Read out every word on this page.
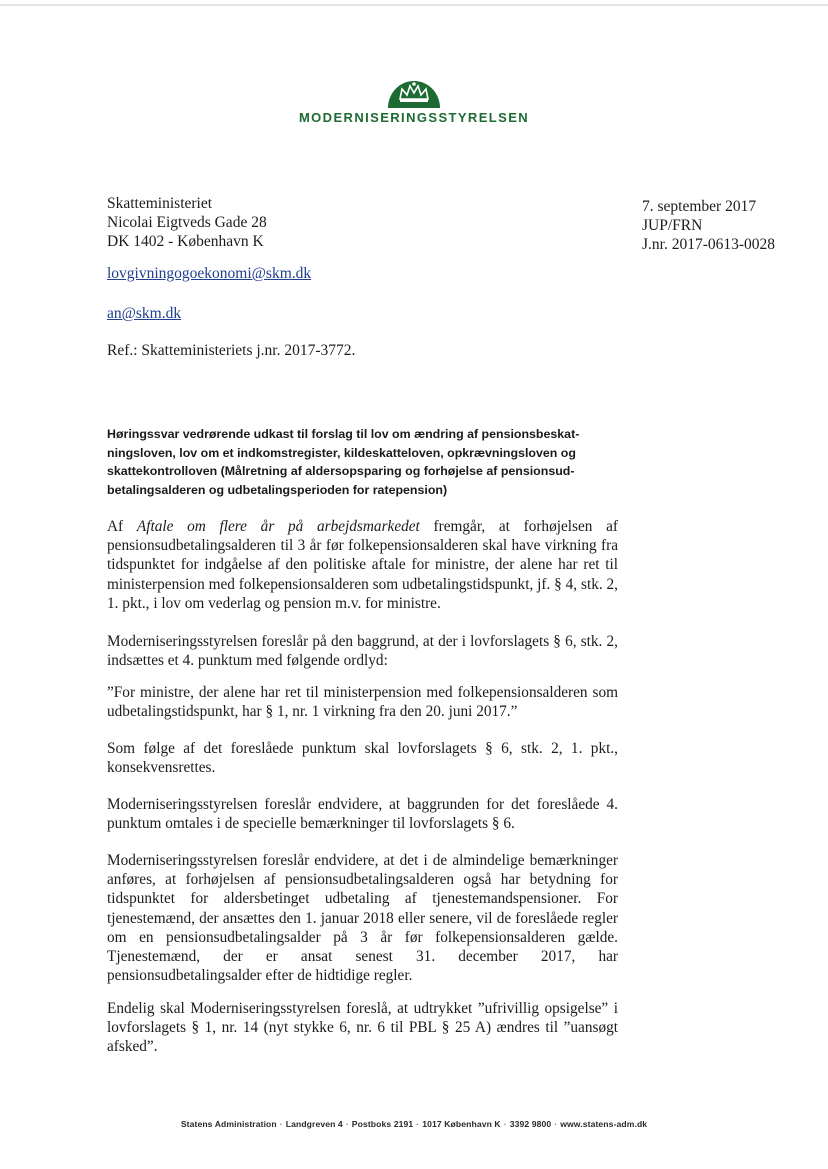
MODERNISERINGSSTYRELSEN
Skatteministeriet
Nicolai Eigtveds Gade 28
DK 1402 - København K
7. september 2017
JUP/FRN
J.nr. 2017-0613-0028
lovgivningogoekonomi@skm.dk
an@skm.dk
Ref.: Skatteministeriets j.nr. 2017-3772.
Høringssvar vedrørende udkast til forslag til lov om ændring af pensionsbeskat-
ningsloven, lov om et indkomstregister, kildeskatteloven, opkrævningsloven og
skattekontrolloven (Målretning af aldersopsparing og forhøjelse af pensionsud-
betalingsalderen og udbetalingsperioden for ratepension)
Af Aftale om flere år på arbejdsmarkedet fremgår, at forhøjelsen af pensionsudbetalingsalderen til 3 år før folkepensionsalderen skal have virkning fra tidspunktet for indgåelse af den politiske aftale for ministre, der alene har ret til ministerpension med folkepensionsalderen som udbetalingstidspunkt, jf. § 4, stk. 2, 1. pkt., i lov om vederlag og pension m.v. for ministre.
Moderniseringsstyrelsen foreslår på den baggrund, at der i lovforslagets § 6, stk. 2, indsættes et 4. punktum med følgende ordlyd:
”For ministre, der alene har ret til ministerpension med folkepensionsalderen som udbetalingstidspunkt, har § 1, nr. 1 virkning fra den 20. juni 2017.”
Som følge af det foreslåede punktum skal lovforslagets § 6, stk. 2, 1. pkt., konsekvensrettes.
Moderniseringsstyrelsen foreslår endvidere, at baggrunden for det foreslåede 4. punktum omtales i de specielle bemærkninger til lovforslagets § 6.
Moderniseringsstyrelsen foreslår endvidere, at det i de almindelige bemærkninger anføres, at forhøjelsen af pensionsudbetalingsalderen også har betydning for tidspunktet for aldersbetinget udbetaling af tjenestemandspensioner. For tjenestemænd, der ansættes den 1. januar 2018 eller senere, vil de foreslåede regler om en pensionsudbetalingsalder på 3 år før folkepensionsalderen gælde. Tjenestemænd, der er ansat senest 31. december 2017, har pensionsudbetalingsalder efter de hidtidige regler.
Endelig skal Moderniseringsstyrelsen foreslå, at udtrykket ”ufrivillig opsigelse” i lovforslagets § 1, nr. 14 (nyt stykke 6, nr. 6 til PBL § 25 A) ændres til ”uansøgt afsked”.
Statens Administration · Landgreven 4 · Postboks 2191 · 1017 København K · 3392 9800 · www.statens-adm.dk
